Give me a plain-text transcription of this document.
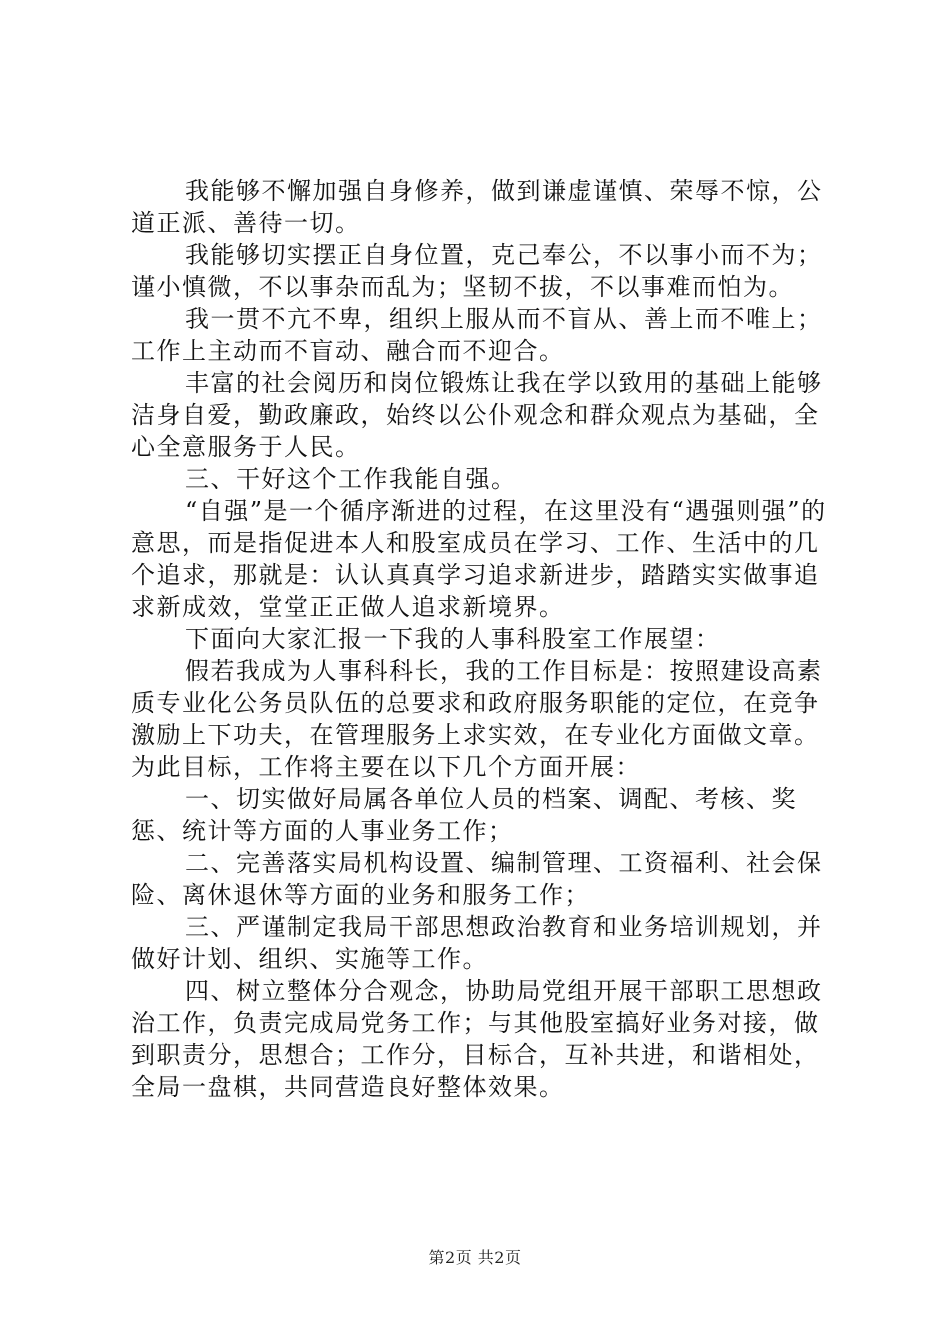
我能够不懈加强自身修养，做到谦虚谨慎、荣辱不惊，公道正派、善待一切。

我能够切实摆正自身位置，克己奉公，不以事小而不为；谨小慎微，不以事杂而乱为；坚韧不拔，不以事难而怕为。

我一贯不亢不卑，组织上服从而不盲从、善上而不唯上；工作上主动而不盲动、融合而不迎合。

丰富的社会阅历和岗位锻炼让我在学以致用的基础上能够洁身自爱，勤政廉政，始终以公仆观念和群众观点为基础，全心全意服务于人民。

三、干好这个工作我能自强。

“自强”是一个循序渐进的过程，在这里没有“遇强则强”的意思，而是指促进本人和股室成员在学习、工作、生活中的几个追求，那就是：认认真真学习追求新进步，踏踏实实做事追求新成效，堂堂正正做人追求新境界。

下面向大家汇报一下我的人事科股室工作展望：

假若我成为人事科科长，我的工作目标是：按照建设高素质专业化公务员队伍的总要求和政府服务职能的定位，在竞争激励上下功夫，在管理服务上求实效，在专业化方面做文章。为此目标，工作将主要在以下几个方面开展：

一、切实做好局属各单位人员的档案、调配、考核、奖惩、统计等方面的人事业务工作；

二、完善落实局机构设置、编制管理、工资福利、社会保险、离休退休等方面的业务和服务工作；

三、严谨制定我局干部思想政治教育和业务培训规划，并做好计划、组织、实施等工作。

四、树立整体分合观念，协助局党组开展干部职工思想政治工作，负责完成局党务工作；与其他股室搞好业务对接，做到职责分，思想合；工作分，目标合，互补共进，和谐相处，全局一盘棋，共同营造良好整体效果。

第2页 共2页
